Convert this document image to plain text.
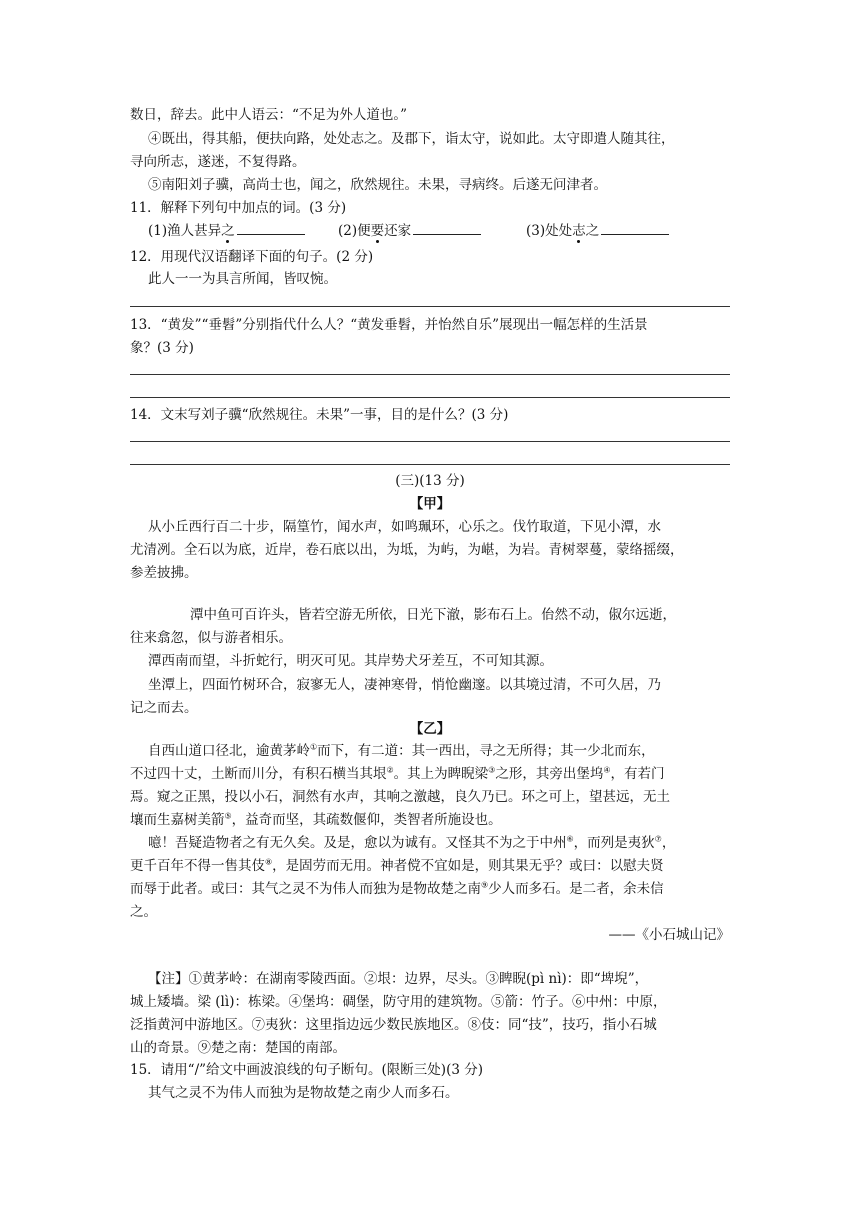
数日，辞去。此中人语云：“不足为外人道也。”
④既出，得其船，便扶向路，处处志之。及郡下，诣太守，说如此。太守即遣人随其往，
寻向所志，遂迷，不复得路。
⑤南阳刘子骥，高尚士也，闻之，欣然规往。未果，寻病终。后遂无问津者。
11．解释下列句中加点的词。(3 分)
(1)渔人甚异之	(2)便要还家	(3)处处志之
12．用现代汉语翻译下面的句子。(2 分)
此人一一为具言所闻，皆叹惋。
13．“黄发”“垂髫”分别指代什么人？“黄发垂髫，并怡然自乐”展现出一幅怎样的生活景
象？(3 分)
14．文末写刘子骥“欣然规往。未果”一事，目的是什么？(3 分)
(三)(13 分)
【甲】
从小丘西行百二十步，隔篁竹，闻水声，如鸣珮环，心乐之。伐竹取道，下见小潭，水
尤清冽。全石以为底，近岸，卷石底以出，为坻，为屿，为嵁，为岩。青树翠蔓，蒙络摇缀，
参差披拂。
潭中鱼可百许头，皆若空游无所依，日光下澈，影布石上。佁然不动，俶尔远逝，
往来翕忽，似与游者相乐。
潭西南而望，斗折蛇行，明灭可见。其岸势犬牙差互，不可知其源。
坐潭上，四面竹树环合，寂寥无人，凄神寒骨，悄怆幽邃。以其境过清，不可久居，乃
记之而去。
【乙】
自西山道口径北，逾黄茅岭①而下，有二道：其一西出，寻之无所得；其一少北而东，
不过四十丈，土断而川分，有积石横当其垠②。其上为睥睨梁③之形，其旁出堡坞④，有若门
焉。窥之正黑，投以小石，洞然有水声，其响之激越，良久乃已。环之可上，望甚远，无土
壤而生嘉树美箭⑤，益奇而坚，其疏数偃仰，类智者所施设也。
噫！吾疑造物者之有无久矣。及是，愈以为诚有。又怪其不为之于中州⑥，而列是夷狄⑦，
更千百年不得一售其伎⑧，是固劳而无用。神者傥不宜如是，则其果无乎？或曰：以慰夫贤
而辱于此者。或曰：其气之灵不为伟人而独为是物故楚之南⑨少人而多石。是二者，余未信
之。
——《小石城山记》
【注】①黄茅岭：在湖南零陵西面。②垠：边界，尽头。③睥睨(pì nì)：即“埤堄”，
城上矮墙。梁 (lì)：栋梁。④堡坞：碉堡，防守用的建筑物。⑤箭：竹子。⑥中州：中原，
泛指黄河中游地区。⑦夷狄：这里指边远少数民族地区。⑧伎：同“技”，技巧，指小石城
山的奇景。⑨楚之南：楚国的南部。
15．请用“/”给文中画波浪线的句子断句。(限断三处)(3 分)
其气之灵不为伟人而独为是物故楚之南少人而多石。
